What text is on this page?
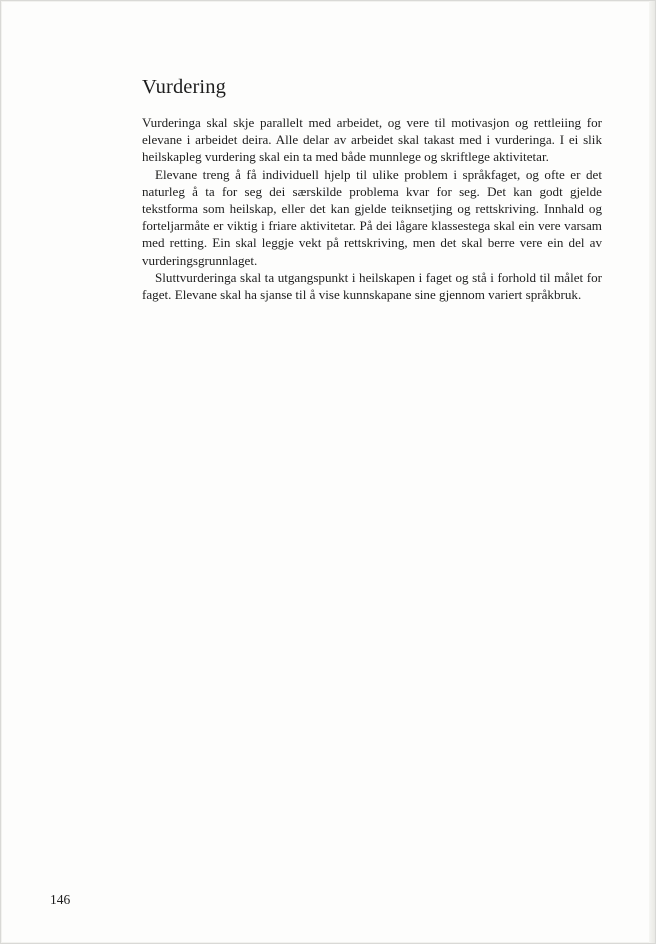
Vurdering

Vurderinga skal skje parallelt med arbeidet, og vere til motivasjon og rettleiing for elevane i arbeidet deira. Alle delar av arbeidet skal takast med i vurderinga. I ei slik heilskapleg vurdering skal ein ta med både munnlege og skriftlege aktivitetar.

Elevane treng å få individuell hjelp til ulike problem i språkfaget, og ofte er det naturleg å ta for seg dei særskilde problema kvar for seg. Det kan godt gjelde tekstforma som heilskap, eller det kan gjelde teiknsetjing og rettskriving. Innhald og forteljarmåte er viktig i friare aktivitetar. På dei lågare klassestega skal ein vere varsam med retting. Ein skal leggje vekt på rettskriving, men det skal berre vere ein del av vurderingsgrunnlaget.

Sluttvurderinga skal ta utgangspunkt i heilskapen i faget og stå i forhold til målet for faget. Elevane skal ha sjanse til å vise kunnskapane sine gjennom variert språkbruk.

146
